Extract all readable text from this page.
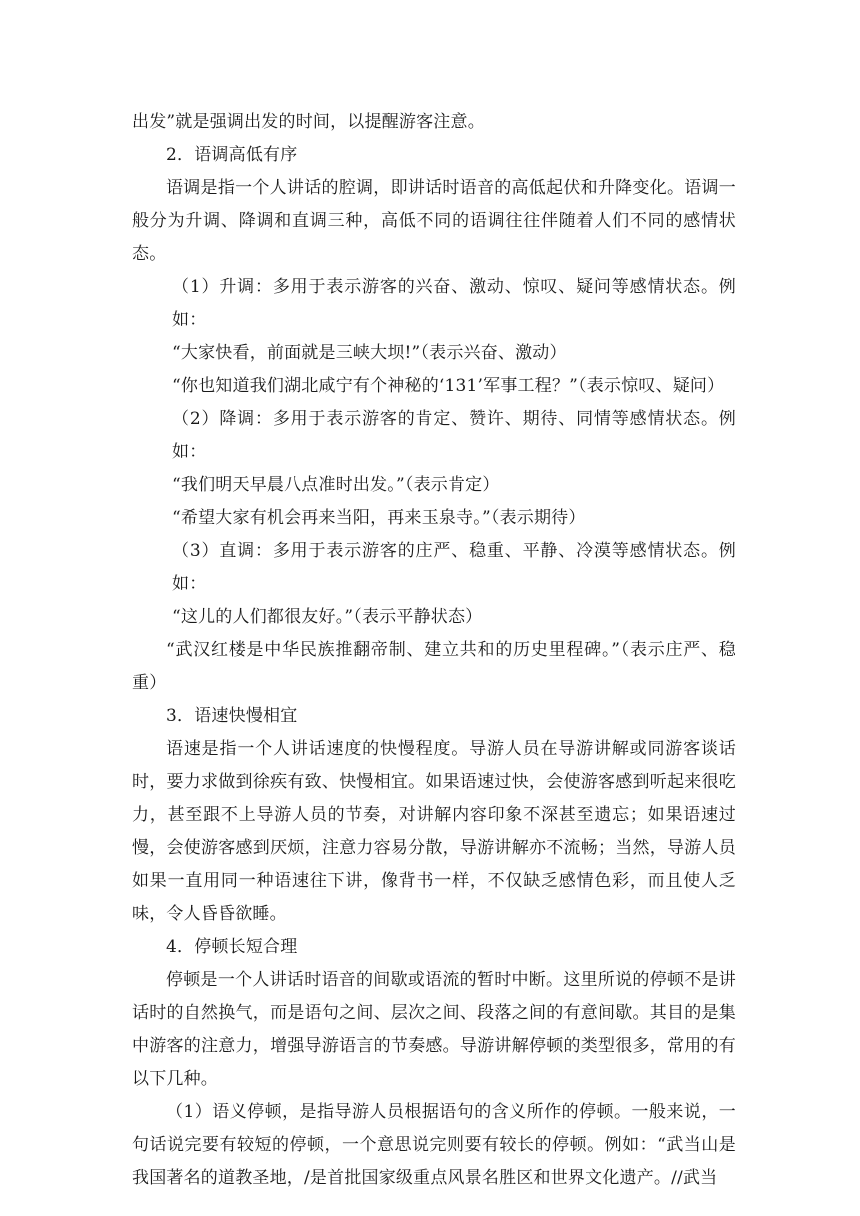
出发”就是强调出发的时间，以提醒游客注意。

2．语调高低有序

语调是指一个人讲话的腔调，即讲话时语音的高低起伏和升降变化。语调一般分为升调、降调和直调三种，高低不同的语调往往伴随着人们不同的感情状态。

（1）升调：多用于表示游客的兴奋、激动、惊叹、疑问等感情状态。例如：

“大家快看，前面就是三峡大坝!”（表示兴奋、激动）

“你也知道我们湖北咸宁有个神秘的‘131’军事工程？”（表示惊叹、疑问）

（2）降调：多用于表示游客的肯定、赞许、期待、同情等感情状态。例如：

“我们明天早晨八点准时出发。”（表示肯定）

“希望大家有机会再来当阳，再来玉泉寺。”（表示期待）

（3）直调：多用于表示游客的庄严、稳重、平静、冷漠等感情状态。例如：

“这儿的人们都很友好。”（表示平静状态）

“武汉红楼是中华民族推翻帝制、建立共和的历史里程碑。”（表示庄严、稳重）

3．语速快慢相宜

语速是指一个人讲话速度的快慢程度。导游人员在导游讲解或同游客谈话时，要力求做到徐疾有致、快慢相宜。如果语速过快，会使游客感到听起来很吃力，甚至跟不上导游人员的节奏，对讲解内容印象不深甚至遗忘；如果语速过慢，会使游客感到厌烦，注意力容易分散，导游讲解亦不流畅；当然，导游人员如果一直用同一种语速往下讲，像背书一样，不仅缺乏感情色彩，而且使人乏味，令人昏昏欲睡。

4．停顿长短合理

停顿是一个人讲话时语音的间歇或语流的暂时中断。这里所说的停顿不是讲话时的自然换气，而是语句之间、层次之间、段落之间的有意间歇。其目的是集中游客的注意力，增强导游语言的节奏感。导游讲解停顿的类型很多，常用的有以下几种。

（1）语义停顿，是指导游人员根据语句的含义所作的停顿。一般来说，一句话说完要有较短的停顿，一个意思说完则要有较长的停顿。例如：“武当山是我国著名的道教圣地，/是首批国家级重点风景名胜区和世界文化遗产。//武当
